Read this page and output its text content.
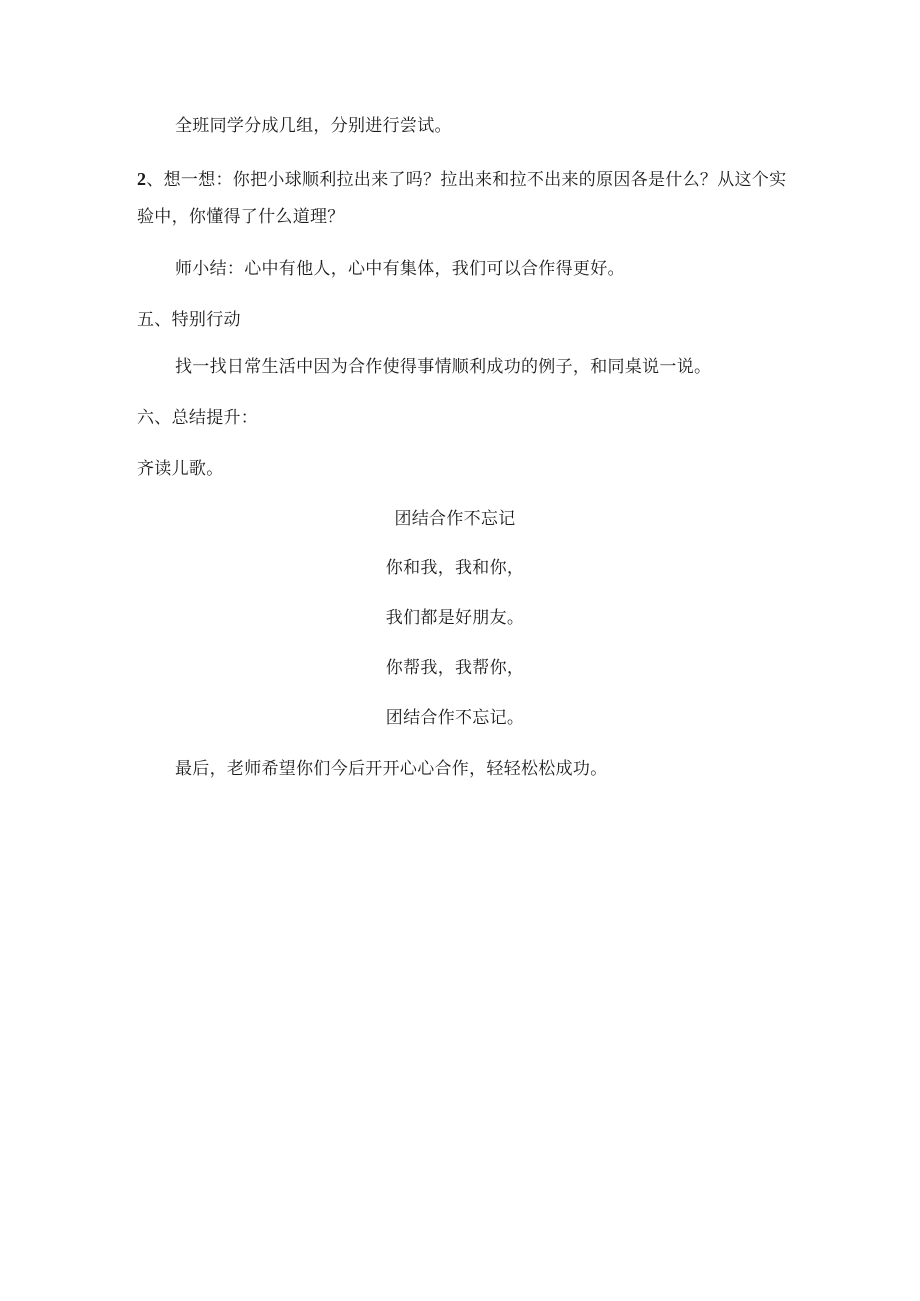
全班同学分成几组，分别进行尝试。
2、想一想：你把小球顺利拉出来了吗？拉出来和拉不出来的原因各是什么？从这个实
验中，你懂得了什么道理？
师小结：心中有他人，心中有集体，我们可以合作得更好。
五、特别行动
找一找日常生活中因为合作使得事情顺利成功的例子，和同桌说一说。
六、总结提升：
齐读儿歌。
团结合作不忘记
你和我，我和你，
我们都是好朋友。
你帮我，我帮你，
团结合作不忘记。
最后，老师希望你们今后开开心心合作，轻轻松松成功。
